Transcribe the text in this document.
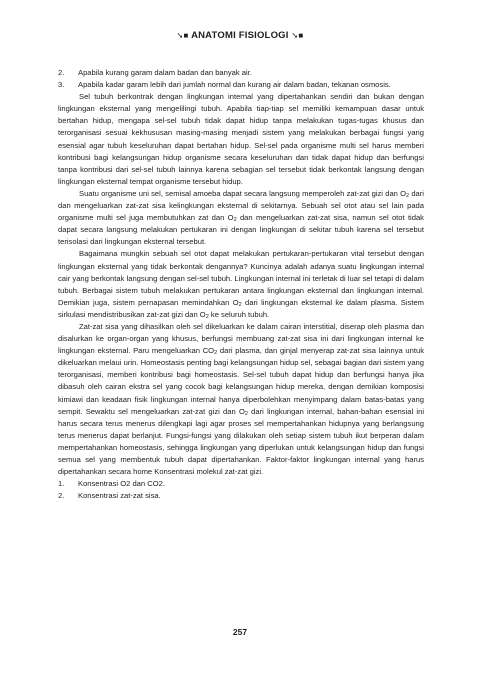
➘■ ANATOMI FISIOLOGI ➘■
2.	Apabila kurang garam dalam badan dan banyak air.
3.	Apabila kadar garam lebih dari jumlah normal dan kurang air dalam badan, tekanan osmosis.

Sel tubuh berkontrak dengan lingkungan internal yang dipertahankan sendiri dan bukan dengan lingkungan eksternal yang mengelilingi tubuh. Apabila tiap-tiap sel memiliki kemampuan dasar untuk bertahan hidup, mengapa sel-sel tubuh tidak dapat hidup tanpa melakukan tugas-tugas khusus dan terorganisasi sesuai kekhususan masing-masing menjadi sistem yang melakukan berbagai fungsi yang esensial agar tubuh keseluruhan dapat bertahan hidup. Sel-sel pada organisme multi sel harus memberi kontribusi bagi kelangsungan hidup organisme secara keseluruhan dan tidak dapat hidup dan berfungsi tanpa kontribusi dari sel-sel tubuh lainnya karena sebagian sel tersebut tidak berkontak langsung dengan lingkungan eksternal tempat organisme tersebut hidup.

Suatu organisme uni sel, semisal amoeba dapat secara langsung memperoleh zat-zat gizi dan $O_2$ dari dan mengeluarkan zat-zat sisa kelingkungan eksternal di sekitarnya. Sebuah sel otot atau sel lain pada organisme multi sel juga membutuhkan zat dan $O_2$ dan mengeluarkan zat-zat sisa, namun sel otot tidak dapat secara langsung melakukan pertukaran ini dengan lingkungan di sekitar tubuh karena sel tersebut terisolasi dari lingkungan eksternal tersebut.

Bagaimana mungkin sebuah sel otot dapat melakukan pertukaran-pertukaran vital tersebut dengan lingkungan eksternal yang tidak berkontak dengannya? Kuncinya adalah adanya suatu lingkungan internal cair yang berkontak langsung dengan sel-sel tubuh. Lingkungan internal ini terletak di luar sel tetapi di dalam tubuh. Berbagai sistem tubuh melakukan pertukaran antara lingkungan eksternal dan lingkungan internal. Demikian juga, sistem pernapasan memindahkan $O_2$ dari lingkungan eksternal ke dalam plasma. Sistem sirkulasi mendistribusikan zat-zat gizi dan $O_2$ ke seluruh tubuh.

Zat-zat sisa yang dihasilkan oleh sel dikeluarkan ke dalam cairan interstitial, diserap oleh plasma dan disalurkan ke organ-organ yang khusus, berfungsi membuang zat-zat sisa ini dari lingkungan internal ke lingkungan eksternal. Paru mengeluarkan $CO_2$ dari plasma, dan ginjal menyerap zat-zat sisa lainnya untuk dikeluarkan melaui urin. Homeostasis penting bagi kelangsungan hidup sel, sebagai bagian dari sistem yang terorganisasi, memberi kontribusi bagi homeostasis. Sel-sel tubuh dapat hidup dan berfungsi hanya jika dibasuh oleh cairan ekstra sel yang cocok bagi kelangsungan hidup mereka, dengan demikian komposisi kimiawi dan keadaan fisik lingkungan internal hanya diperbolehkan menyimpang dalam batas-batas yang sempit. Sewaktu sel mengeluarkan zat-zat gizi dan $O_2$ dari lingkungan internal, bahan-bahan esensial ini harus secara terus menerus dilengkapi lagi agar proses sel mempertahankan hidupnya yang berlangsung terus menerus dapat berlanjut. Fungsi-fungsi yang dilakukan oleh setiap sistem tubuh ikut berperan dalam mempertahankan homeostasis, sehingga lingkungan yang diperlukan untuk kelangsungan hidup dan fungsi semua sel yang membentuk tubuh dapat dipertahankan. Faktor-faktor lingkungan internal yang harus dipertahankan secara home Konsentrasi molekul zat-zat gizi.

1.	Konsentrasi O2 dan CO2.
2.	Konsentrasi zat-zat sisa.
257
